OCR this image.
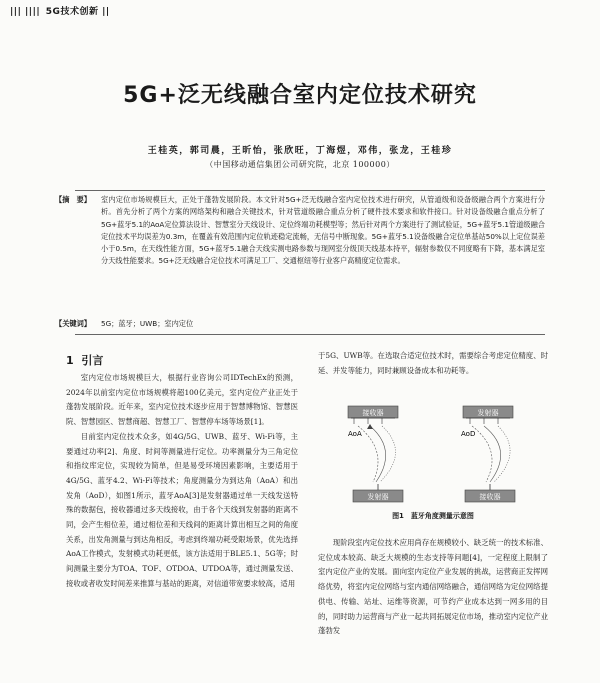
||| |||| 5G技术创新 ||
5G+泛无线融合室内定位技术研究
王桂英，郭司晨，王昕怡，张欣旺，丁海煜，邓伟，张龙，王桂珍
（中国移动通信集团公司研究院，北京 100000）
【摘　要】 室内定位市场规模巨大，正处于蓬勃发展阶段。本文针对5G+泛无线融合室内定位技术进行研究，从管道级和设备级融合两个方案进行分析。首先分析了两个方案的网络架构和融合关键技术，针对管道级融合重点分析了硬件技术要求和软件接口。针对设备级融合重点分析了5G+蓝牙5.1的AoA定位算法设计、智慧室分天线设计、定位终端功耗模型等；然后针对两个方案进行了测试验证，5G+蓝牙5.1管道级融合定位技术平均误差为0.3m，在覆盖有效范围内定位轨迹稳定流畅，无信号中断现象。5G+蓝牙5.1设备级融合定位单基站50%以上定位误差小于0.5m，在天线性能方面，5G+蓝牙5.1融合天线实测电路参数与现网室分级顶天线基本持平，辐射参数仅不同度略有下降，基本满足室分天线性能要求。5G+泛无线融合定位技术可满足工厂、交通枢纽等行业客户高精度定位需求。
【关键词】 5G；蓝牙；UWB；室内定位
1 引言

室内定位市场规模巨大，根据行业咨询公司IDTechEx的预测，2024年以前室内定位市场规模将超100亿美元，室内定位产业正处于蓬勃发展阶段。近年来，室内定位技术逐步应用于智慧博物馆、智慧医院、智慧园区、智慧商超、智慧工厂、智慧停车场等场景[1]。

目前室内定位技术众多，如4G/5G、UWB、蓝牙、Wi-Fi等，主要通过功率[2]、角度、时间等测量进行定位。功率测量分为三角定位和指纹库定位，实现较为简单，但是易受环境因素影响，主要适用于4G/5G、蓝牙4.2、Wi-Fi等技术；角度测量分为到达角（AoA）和出发角（AoD），如图1所示，蓝牙AoA[3]是发射器通过单一天线发送特殊的数据包，接收器通过多天线接收，由于各个天线到发射器的距离不同，会产生相位差，通过相位差和天线间的距离计算出相互之间的角度关系，出发角测量与到达角相反，考虑到终端功耗受限场景，优先选择AoA工作模式，发射模式功耗更低，该方法适用于BLE5.1、5G等；时间测量主要分为TOA、TOF、OTDOA、UTDOA等，通过测量发送、接收或者收发时间差来推算与基站的距离，对信道带宽要求较高，适用

于5G、UWB等。在选取合适定位技术时，需要综合考虑定位精度、时延、并发等能力，同时兼顾设备成本和功耗等。

接收器
AoA
发射器
发射器
AoD
接收器
图1　蓝牙角度测量示意图

现阶段室内定位技术应用尚存在规模较小、缺乏统一的技术标准、定位成本较高、缺乏大规模的生态支持等问题[4]，一定程度上限制了室内定位产业的发展。面向室内定位产业发展的挑战，运营商正发挥网络优势，将室内定位网络与室内通信网络融合，通信网络为定位网络提供电、传输、站址、运维等资源，可节约产业成本达到一网多用的目的，同时助力运营商与产业一起共同拓展定位市场，推动室内定位产业蓬勃发
